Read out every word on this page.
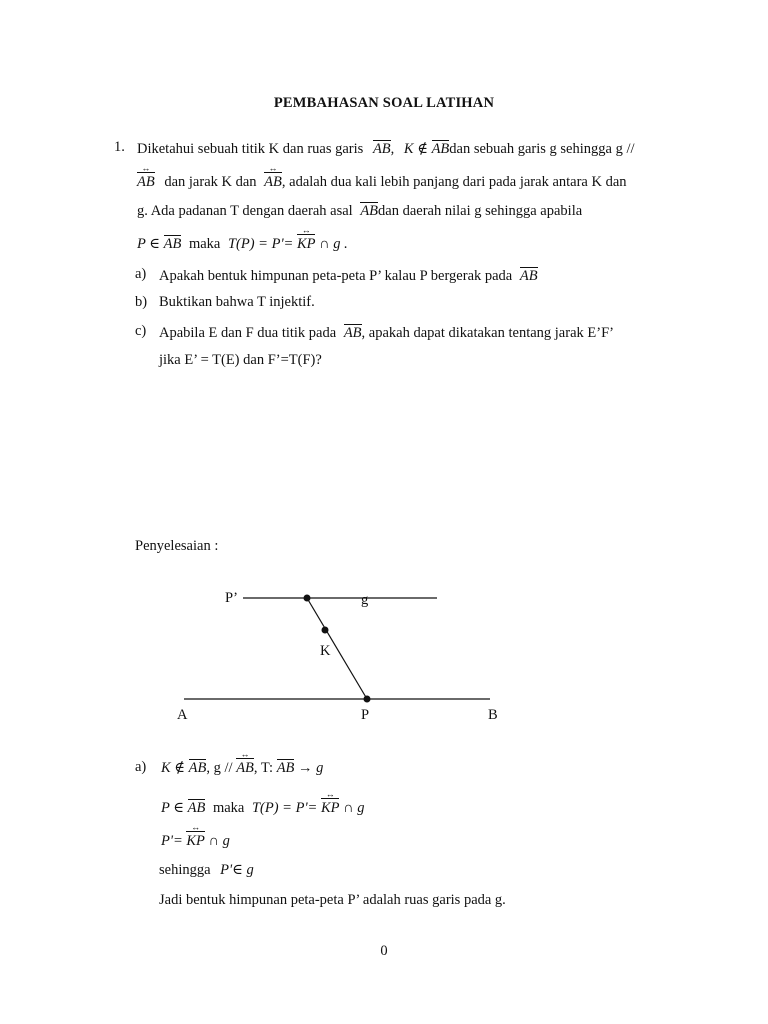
PEMBAHASAN SOAL LATIHAN
1. Diketahui sebuah titik K dan ruas garis AB, K ∉ ABdan sebuah garis g sehingga g //
AB ↔ dan jarak K dan AB ↔, adalah dua kali lebih panjang dari pada jarak antara K dan
g. Ada padanan T dengan daerah asal ABdan daerah nilai g sehingga apabila
P ∈ AB maka T(P) = P'= KP ↔ ∩ g .
a) Apakah bentuk himpunan peta-peta P’ kalau P bergerak pada AB
b) Buktikan bahwa T injektif.
c) Apabila E dan F dua titik pada AB, apakah dapat dikatakan tentang jarak E’F’
jika E’ = T(E) dan F’=T(F)?
Penyelesaian :
P’	g
K
A	P	B
a) K ∉ AB, g // AB ↔, T: AB → g
P ∈ AB maka T(P) = P'= KP ↔ ∩ g
P'= KP ↔ ∩ g
sehingga P'∈ g
Jadi bentuk himpunan peta-peta P’ adalah ruas garis pada g.
0
